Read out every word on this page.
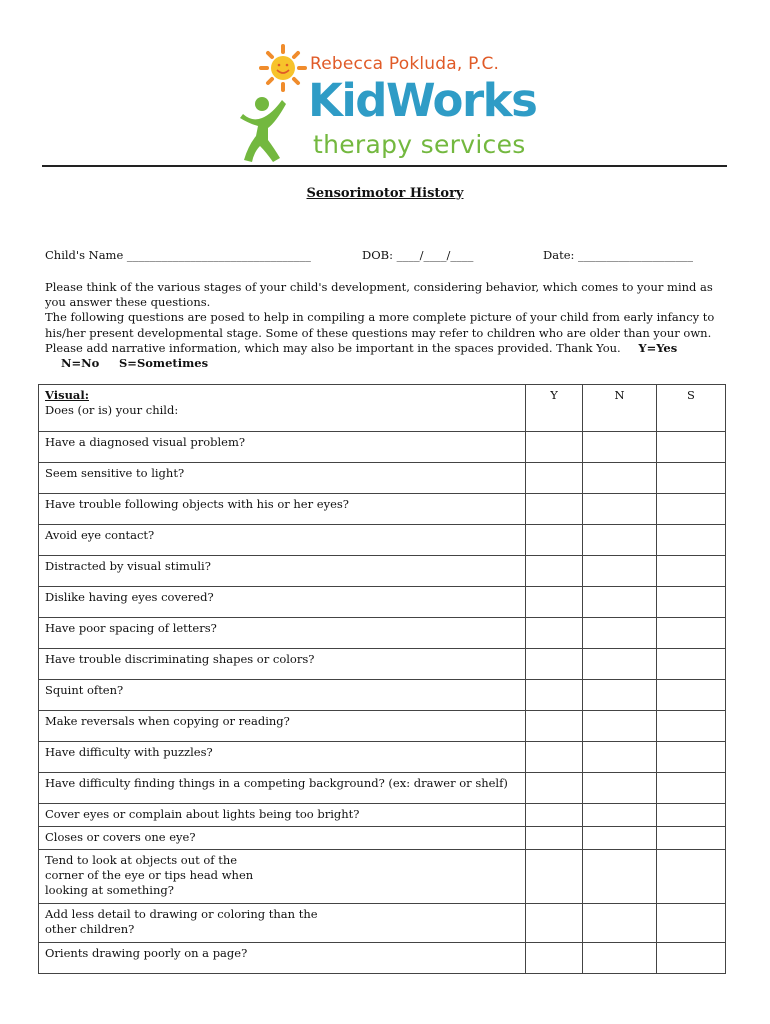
Rebecca Pokluda, P.C.
KidWorks
therapy services
Sensorimotor History
Child's Name ________________________________	DOB: ____/____/____	Date: ____________________

Please think of the various stages of your child's development, considering behavior, which comes to your mind as you answer these questions.

The following questions are posed to help in compiling a more complete picture of your child from early infancy to his/her present developmental stage. Some of these questions may refer to children who are older than your own. Please add narrative information, which may also be important in the spaces provided. Thank You. Y=Yes N=No S=Sometimes

Visual:
Does (or is) your child:	Y	N	S
Have a diagnosed visual problem?			
Seem sensitive to light?			
Have trouble following objects with his or her eyes?			
Avoid eye contact?			
Distracted by visual stimuli?			
Dislike having eyes covered?			
Have poor spacing of letters?			
Have trouble discriminating shapes or colors?			
Squint often?			
Make reversals when copying or reading?			
Have difficulty with puzzles?			
Have difficulty finding things in a competing background? (ex: drawer or shelf)			
Cover eyes or complain about lights being too bright?			
Closes or covers one eye?			
Tend to look at objects out of the
corner of the eye or tips head when
looking at something?			
Add less detail to drawing or coloring than the
other children?			
Orients drawing poorly on a page?			
